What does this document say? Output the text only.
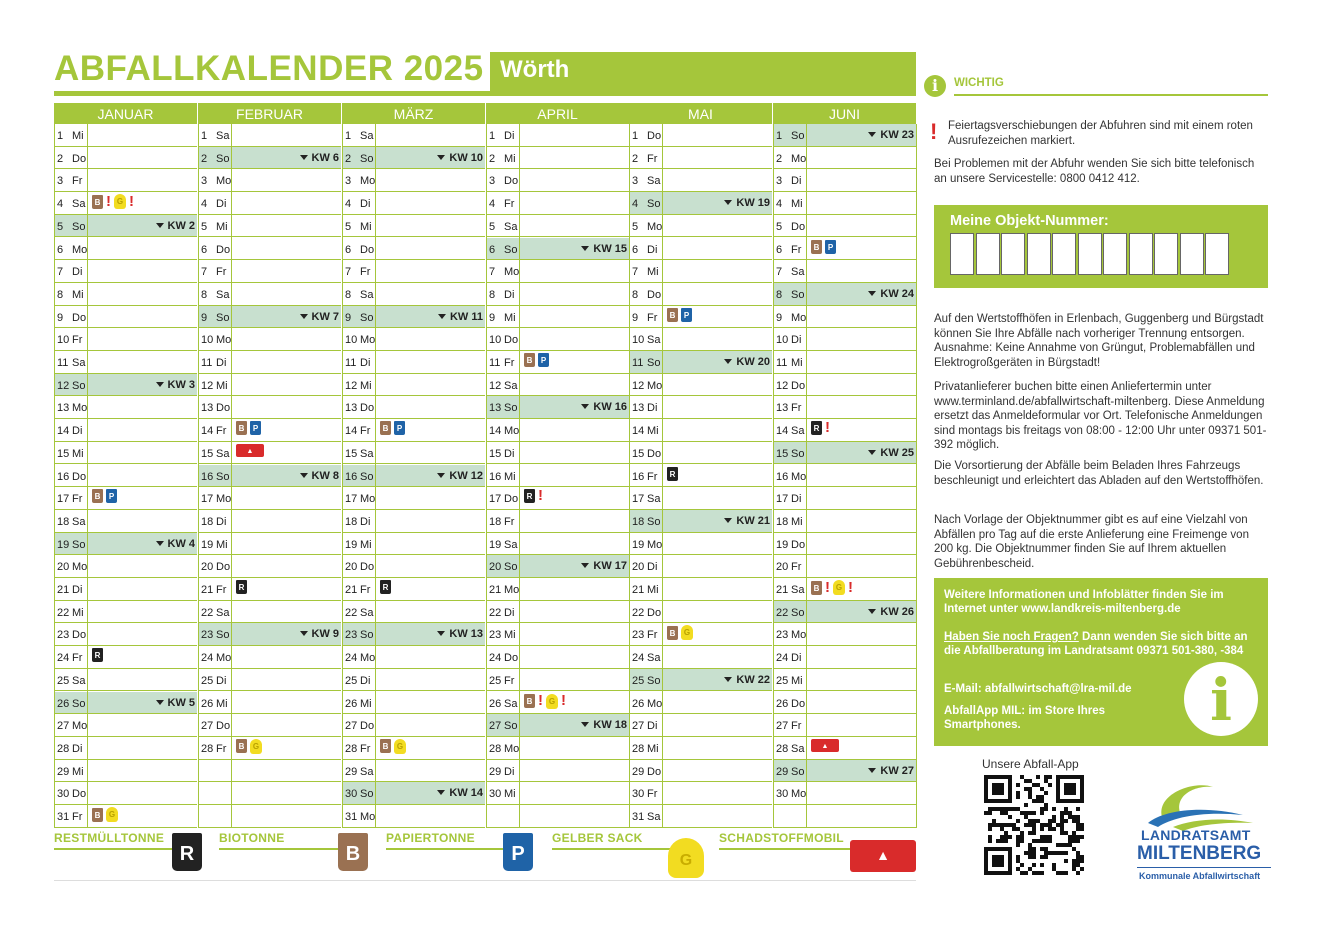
ABFALLKALENDER 2025 Wörth
JANUAR
1 Mi
2 Do
3 Fr
4 Sa	B ! G !
5 So	KW 2
6 Mo
7 Di
8 Mi
9 Do
10 Fr
11 Sa
12 So	KW 3
13 Mo
14 Di
15 Mi
16 Do
17 Fr	B	P
18 Sa
19 So	KW 4
20 Mo
21 Di
22 Mi
23 Do
24 Fr	R
25 Sa
26 So	KW 5
27 Mo
28 Di
29 Mi
30 Do
31 Fr	B	G
FEBRUAR
1 Sa
2 So	KW 6
3 Mo
4 Di
5 Mi
6 Do
7 Fr
8 Sa
9 So	KW 7
10 Mo
11 Di
12 Mi
13 Do
14 Fr	B	P
15 Sa	▲
16 So	KW 8
17 Mo
18 Di
19 Mi
20 Do
21 Fr	R
22 Sa
23 So	KW 9
24 Mo
25 Di
26 Mi
27 Do
28 Fr	B	G
MÄRZ
1 Sa
2 So	KW 10
3 Mo
4 Di
5 Mi
6 Do
7 Fr
8 Sa
9 So	KW 11
10 Mo
11 Di
12 Mi
13 Do
14 Fr	B	P
15 Sa
16 So	KW 12
17 Mo
18 Di
19 Mi
20 Do
21 Fr	R
22 Sa
23 So	KW 13
24 Mo
25 Di
26 Mi
27 Do
28 Fr	B	G
29 Sa
30 So	KW 14
31 Mo
APRIL
1 Di
2 Mi
3 Do
4 Fr
5 Sa
6 So	KW 15
7 Mo
8 Di
9 Mi
10 Do
11 Fr	B	P
12 Sa
13 So	KW 16
14 Mo
15 Di
16 Mi
17 Do	R !
18 Fr
19 Sa
20 So	KW 17
21 Mo
22 Di
23 Mi
24 Do
25 Fr
26 Sa	B ! G !
27 So	KW 18
28 Mo
29 Di
30 Mi
MAI
1 Do
2 Fr
3 Sa
4 So	KW 19
5 Mo
6 Di
7 Mi
8 Do
9 Fr	B	P
10 Sa
11 So	KW 20
12 Mo
13 Di
14 Mi
15 Do
16 Fr	R
17 Sa
18 So	KW 21
19 Mo
20 Di
21 Mi
22 Do
23 Fr	B	G
24 Sa
25 So	KW 22
26 Mo
27 Di
28 Mi
29 Do
30 Fr
31 Sa
JUNI
1 So	KW 23
2 Mo
3 Di
4 Mi
5 Do
6 Fr	B	P
7 Sa
8 So	KW 24
9 Mo
10 Di
11 Mi
12 Do
13 Fr
14 Sa	R !
15 So	KW 25
16 Mo
17 Di
18 Mi
19 Do
20 Fr
21 Sa	B ! G !
22 So	KW 26
23 Mo
24 Di
25 Mi
26 Do
27 Fr
28 Sa	▲
29 So	KW 27
30 Mo
RESTMÜLLTONNE
R
BIOTONNE
B
PAPIERTONNE
P
GELBER SACK
G
SCHADSTOFFMOBIL
▲
i	WICHTIG
! Feiertagsverschiebungen der Abfuhren sind mit einem roten Ausrufezeichen markiert.
Bei Problemen mit der Abfuhr wenden Sie sich bitte telefonisch an unsere Servicestelle: 0800 0412 412.
Meine Objekt-Nummer:
Auf den Wertstoffhöfen in Erlenbach, Guggenberg und Bürgstadt können Sie Ihre Abfälle nach vorheriger Trennung entsorgen. Ausnahme: Keine Annahme von Grüngut, Problemabfällen und Elektrogroßgeräten in Bürgstadt!
Privatanlieferer buchen bitte einen Anliefertermin unter www.terminland.de/abfallwirtschaft-miltenberg. Diese Anmeldung ersetzt das Anmeldeformular vor Ort. Telefonische Anmeldungen sind montags bis freitags von 08:00 - 12:00 Uhr unter 09371 501-392 möglich.
Die Vorsortierung der Abfälle beim Beladen Ihres Fahrzeugs beschleunigt und erleichtert das Abladen auf den Wertstoffhöfen.
Nach Vorlage der Objektnummer gibt es auf eine Vielzahl von Abfällen pro Tag auf die erste Anlieferung eine Freimenge von 200 kg. Die Objektnummer finden Sie auf Ihrem aktuellen Gebührenbescheid.
Weitere Informationen und Infoblätter finden Sie im Internet unter www.landkreis-miltenberg.de
Haben Sie noch Fragen? Dann wenden Sie sich bitte an die Abfallberatung im Landratsamt 09371 501-380, -384
E-Mail: abfallwirtschaft@lra-mil.de
AbfallApp MIL: im Store Ihres Smartphones.	i
Unsere Abfall-App
LANDRATSAMT
MILTENBERG
Kommunale Abfallwirtschaft
